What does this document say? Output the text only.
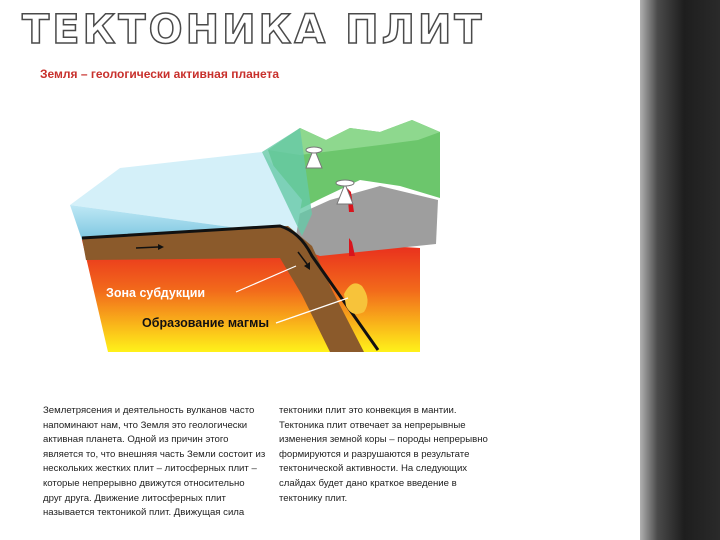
ТЕКТОНИКА ПЛИТ
Земля – геологически активная планета
Зона субдукции
Образование магмы
Землетрясения и деятельность вулканов часто
напоминают нам, что Земля это геологически
активная планета. Одной из причин этого
является то, что внешняя часть Земли состоит из
нескольких жестких плит – литосферных плит –
которые непрерывно движутся относительно
друг друга. Движение литосферных плит
называется тектоникой плит. Движущая сила
тектоники плит это конвекция в мантии.
Тектоника плит отвечает за непрерывные
изменения земной коры – породы непрерывно
формируются и разрушаются в результате
тектонической активности. На следующих
слайдах будет дано краткое введение в
тектонику плит.
